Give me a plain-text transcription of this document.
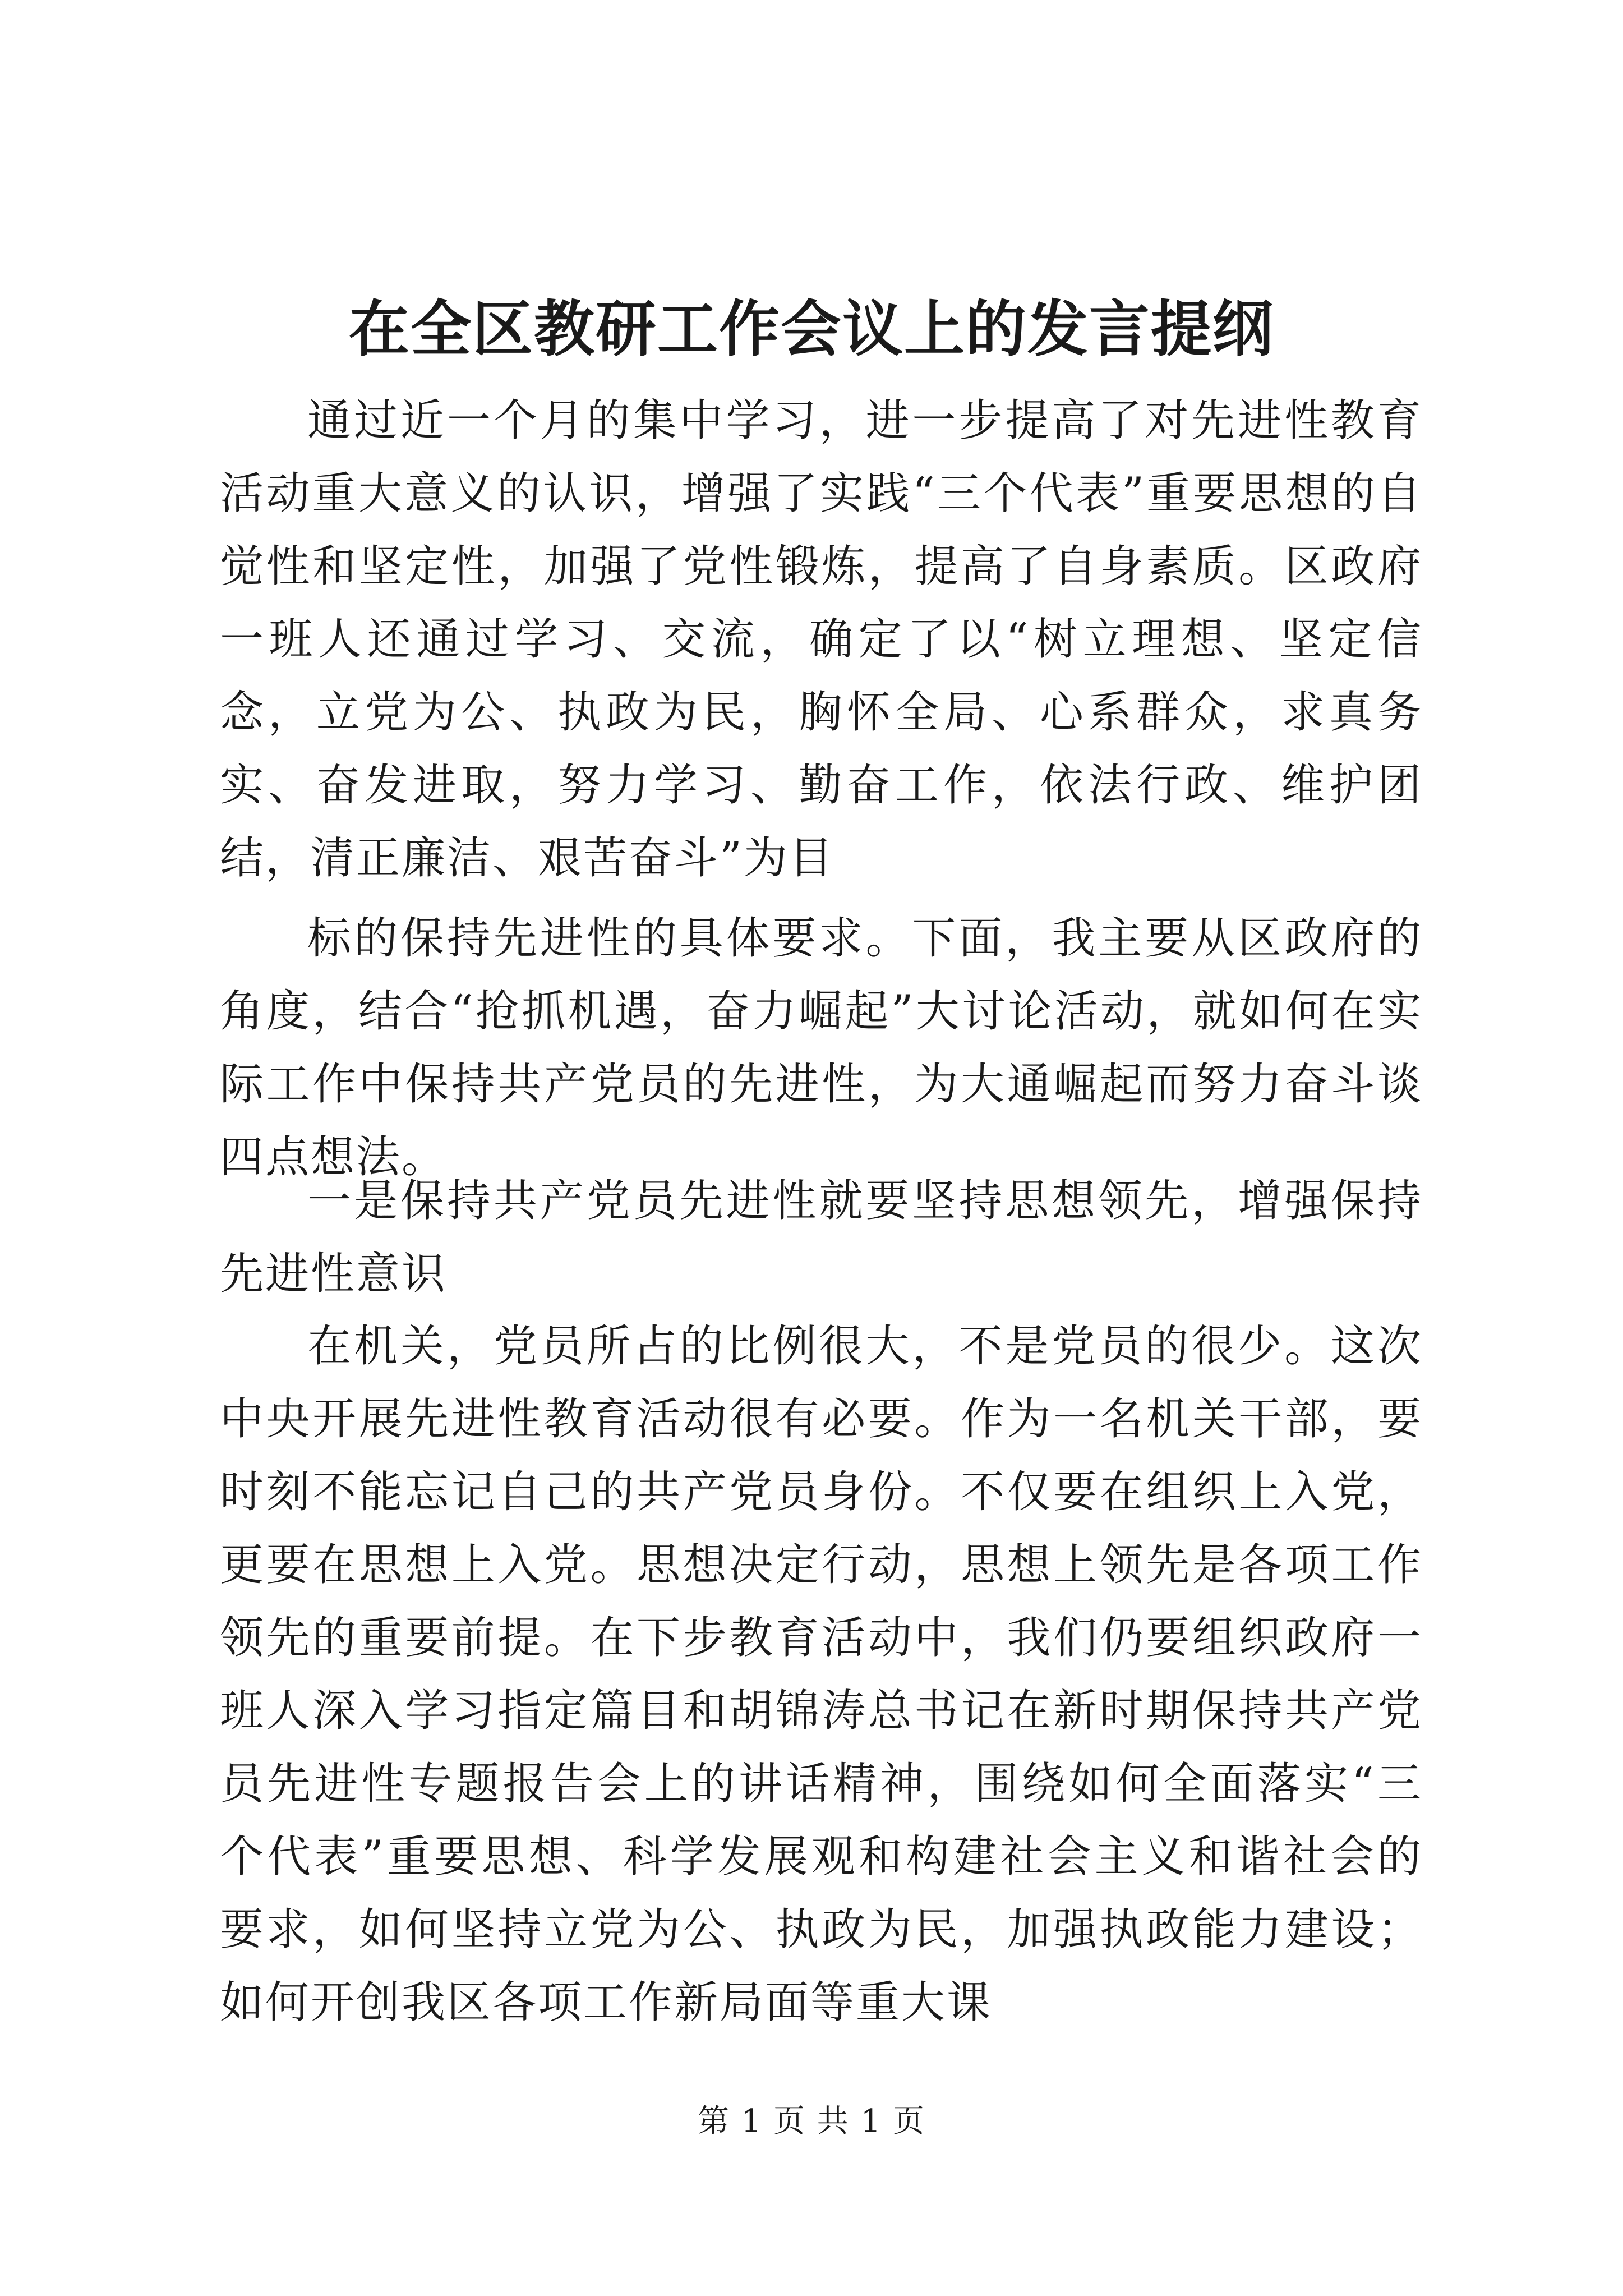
在全区教研工作会议上的发言提纲

通过近一个月的集中学习，进一步提高了对先进性教育活动重大意义的认识，增强了实践“三个代表”重要思想的自觉性和坚定性，加强了党性锻炼，提高了自身素质。区政府一班人还通过学习、交流，确定了以“树立理想、坚定信念，立党为公、执政为民，胸怀全局、心系群众，求真务实、奋发进取，努力学习、勤奋工作，依法行政、维护团结，清正廉洁、艰苦奋斗”为目

标的保持先进性的具体要求。下面，我主要从区政府的角度，结合“抢抓机遇，奋力崛起”大讨论活动，就如何在实际工作中保持共产党员的先进性，为大通崛起而努力奋斗谈四点想法。

一是保持共产党员先进性就要坚持思想领先，增强保持先进性意识

在机关，党员所占的比例很大，不是党员的很少。这次中央开展先进性教育活动很有必要。作为一名机关干部，要时刻不能忘记自己的共产党员身份。不仅要在组织上入党，更要在思想上入党。思想决定行动，思想上领先是各项工作领先的重要前提。在下步教育活动中，我们仍要组织政府一班人深入学习指定篇目和胡锦涛总书记在新时期保持共产党员先进性专题报告会上的讲话精神，围绕如何全面落实“三个代表”重要思想、科学发展观和构建社会主义和谐社会的要求，如何坚持立党为公、执政为民，加强执政能力建设；如何开创我区各项工作新局面等重大课

第 1 页 共 1 页
